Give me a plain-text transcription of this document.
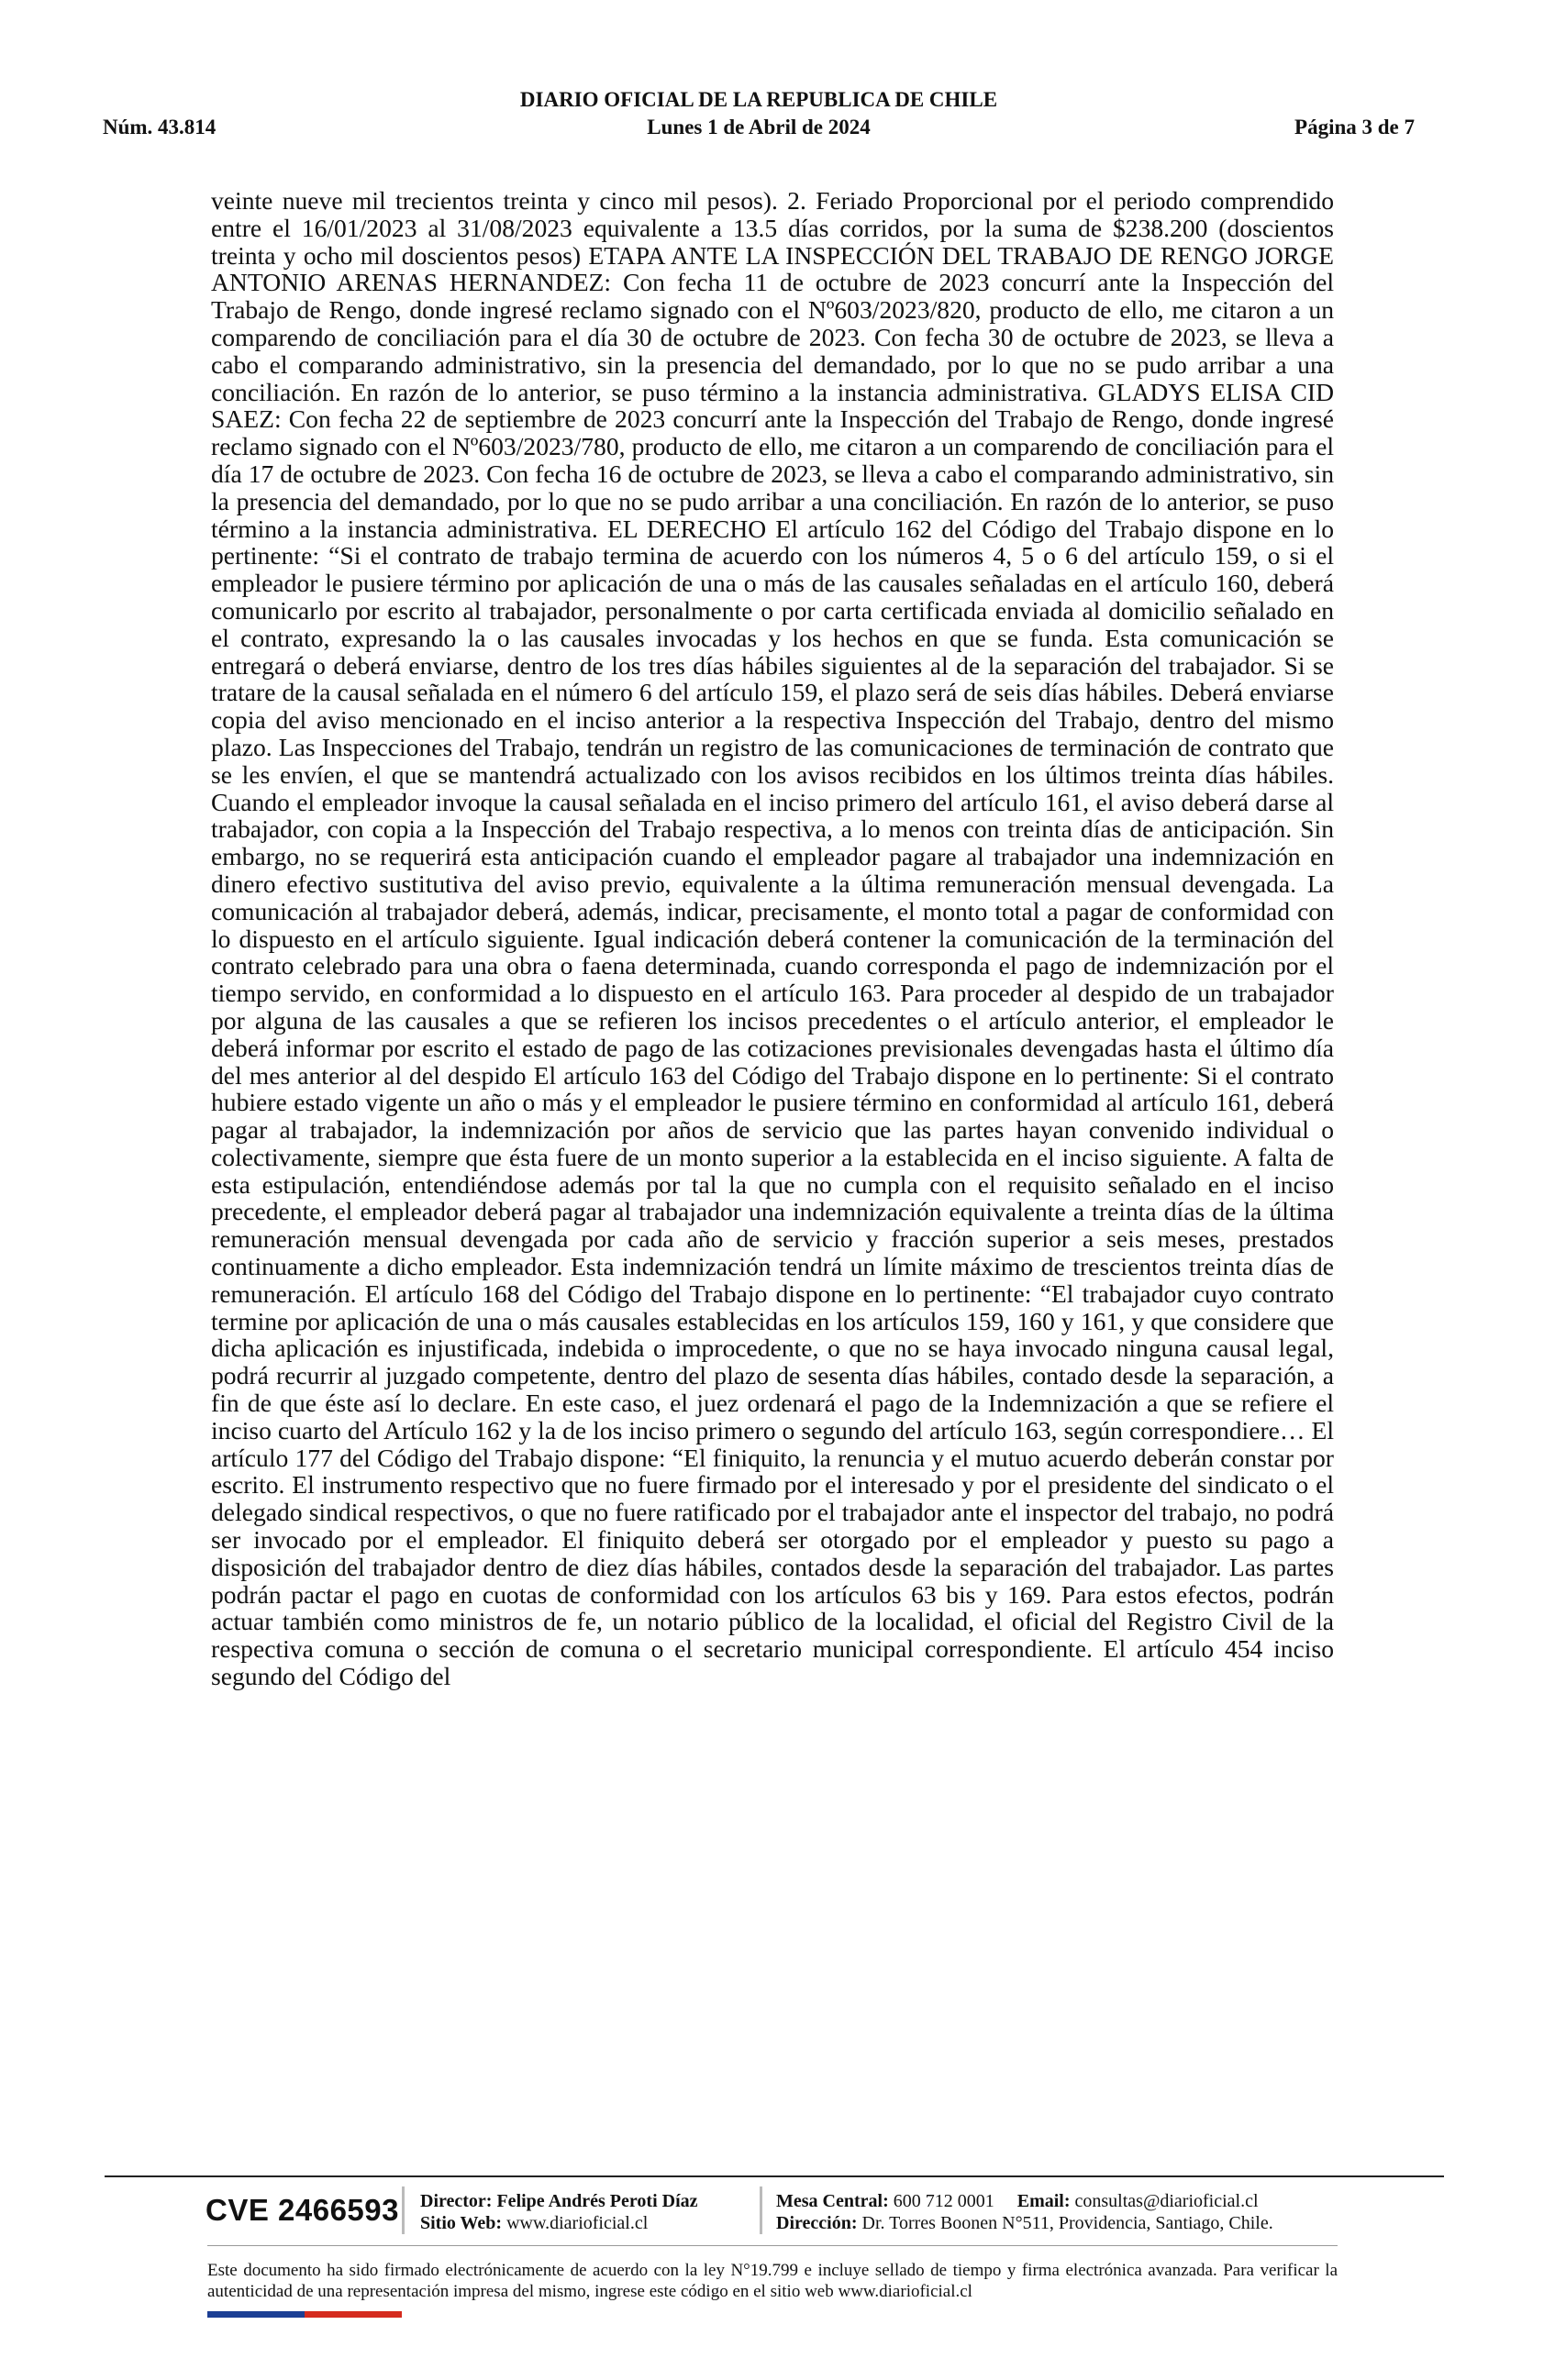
DIARIO OFICIAL DE LA REPUBLICA DE CHILE
Núm. 43.814	Lunes 1 de Abril de 2024	Página 3 de 7

veinte nueve mil trecientos treinta y cinco mil pesos). 2. Feriado Proporcional por el periodo comprendido entre el 16/01/2023 al 31/08/2023 equivalente a 13.5 días corridos, por la suma de $238.200 (doscientos treinta y ocho mil doscientos pesos) ETAPA ANTE LA INSPECCIÓN DEL TRABAJO DE RENGO JORGE ANTONIO ARENAS HERNANDEZ: Con fecha 11 de octubre de 2023 concurrí ante la Inspección del Trabajo de Rengo, donde ingresé reclamo signado con el Nº603/2023/820, producto de ello, me citaron a un comparendo de conciliación para el día 30 de octubre de 2023. Con fecha 30 de octubre de 2023, se lleva a cabo el comparando administrativo, sin la presencia del demandado, por lo que no se pudo arribar a una conciliación. En razón de lo anterior, se puso término a la instancia administrativa. GLADYS ELISA CID SAEZ: Con fecha 22 de septiembre de 2023 concurrí ante la Inspección del Trabajo de Rengo, donde ingresé reclamo signado con el Nº603/2023/780, producto de ello, me citaron a un comparendo de conciliación para el día 17 de octubre de 2023. Con fecha 16 de octubre de 2023, se lleva a cabo el comparando administrativo, sin la presencia del demandado, por lo que no se pudo arribar a una conciliación. En razón de lo anterior, se puso término a la instancia administrativa. EL DERECHO El artículo 162 del Código del Trabajo dispone en lo pertinente: “Si el contrato de trabajo termina de acuerdo con los números 4, 5 o 6 del artículo 159, o si el empleador le pusiere término por aplicación de una o más de las causales señaladas en el artículo 160, deberá comunicarlo por escrito al trabajador, personalmente o por carta certificada enviada al domicilio señalado en el contrato, expresando la o las causales invocadas y los hechos en que se funda. Esta comunicación se entregará o deberá enviarse, dentro de los tres días hábiles siguientes al de la separación del trabajador. Si se tratare de la causal señalada en el número 6 del artículo 159, el plazo será de seis días hábiles. Deberá enviarse copia del aviso mencionado en el inciso anterior a la respectiva Inspección del Trabajo, dentro del mismo plazo. Las Inspecciones del Trabajo, tendrán un registro de las comunicaciones de terminación de contrato que se les envíen, el que se mantendrá actualizado con los avisos recibidos en los últimos treinta días hábiles. Cuando el empleador invoque la causal señalada en el inciso primero del artículo 161, el aviso deberá darse al trabajador, con copia a la Inspección del Trabajo respectiva, a lo menos con treinta días de anticipación. Sin embargo, no se requerirá esta anticipación cuando el empleador pagare al trabajador una indemnización en dinero efectivo sustitutiva del aviso previo, equivalente a la última remuneración mensual devengada. La comunicación al trabajador deberá, además, indicar, precisamente, el monto total a pagar de conformidad con lo dispuesto en el artículo siguiente. Igual indicación deberá contener la comunicación de la terminación del contrato celebrado para una obra o faena determinada, cuando corresponda el pago de indemnización por el tiempo servido, en conformidad a lo dispuesto en el artículo 163. Para proceder al despido de un trabajador por alguna de las causales a que se refieren los incisos precedentes o el artículo anterior, el empleador le deberá informar por escrito el estado de pago de las cotizaciones previsionales devengadas hasta el último día del mes anterior al del despido El artículo 163 del Código del Trabajo dispone en lo pertinente: Si el contrato hubiere estado vigente un año o más y el empleador le pusiere término en conformidad al artículo 161, deberá pagar al trabajador, la indemnización por años de servicio que las partes hayan convenido individual o colectivamente, siempre que ésta fuere de un monto superior a la establecida en el inciso siguiente. A falta de esta estipulación, entendiéndose además por tal la que no cumpla con el requisito señalado en el inciso precedente, el empleador deberá pagar al trabajador una indemnización equivalente a treinta días de la última remuneración mensual devengada por cada año de servicio y fracción superior a seis meses, prestados continuamente a dicho empleador. Esta indemnización tendrá un límite máximo de trescientos treinta días de remuneración. El artículo 168 del Código del Trabajo dispone en lo pertinente: “El trabajador cuyo contrato termine por aplicación de una o más causales establecidas en los artículos 159, 160 y 161, y que considere que dicha aplicación es injustificada, indebida o improcedente, o que no se haya invocado ninguna causal legal, podrá recurrir al juzgado competente, dentro del plazo de sesenta días hábiles, contado desde la separación, a fin de que éste así lo declare. En este caso, el juez ordenará el pago de la Indemnización a que se refiere el inciso cuarto del Artículo 162 y la de los inciso primero o segundo del artículo 163, según correspondiere… El artículo 177 del Código del Trabajo dispone: “El finiquito, la renuncia y el mutuo acuerdo deberán constar por escrito. El instrumento respectivo que no fuere firmado por el interesado y por el presidente del sindicato o el delegado sindical respectivos, o que no fuere ratificado por el trabajador ante el inspector del trabajo, no podrá ser invocado por el empleador. El finiquito deberá ser otorgado por el empleador y puesto su pago a disposición del trabajador dentro de diez días hábiles, contados desde la separación del trabajador. Las partes podrán pactar el pago en cuotas de conformidad con los artículos 63 bis y 169. Para estos efectos, podrán actuar también como ministros de fe, un notario público de la localidad, el oficial del Registro Civil de la respectiva comuna o sección de comuna o el secretario municipal correspondiente. El artículo 454 inciso segundo del Código del

CVE 2466593 Director: Felipe Andrés Peroti Díaz
Sitio Web: www.diarioficial.cl
Mesa Central: 600 712 0001 Email: consultas@diarioficial.cl
Dirección: Dr. Torres Boonen N°511, Providencia, Santiago, Chile.

Este documento ha sido firmado electrónicamente de acuerdo con la ley N°19.799 e incluye sellado de tiempo y firma electrónica avanzada. Para verificar la autenticidad de una representación impresa del mismo, ingrese este código en el sitio web www.diarioficial.cl
